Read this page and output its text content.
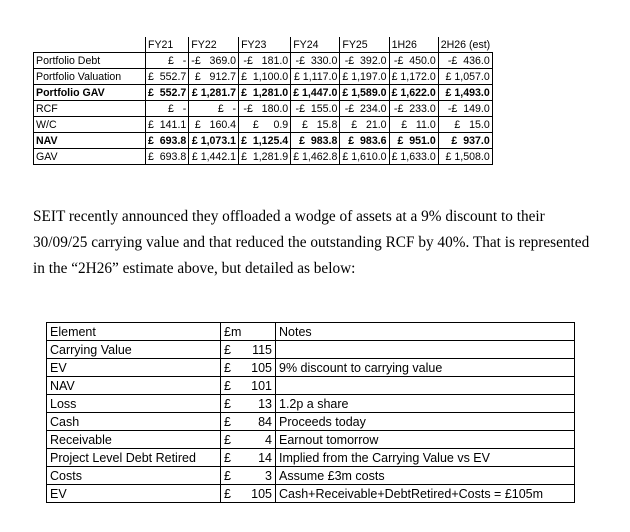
	FY21	FY22	FY23	FY24	FY25	1H26	2H26 (est)
Portfolio Debt	£   -	-£   369.0	-£   181.0	-£  330.0	-£  392.0	-£  450.0	-£  436.0
Portfolio Valuation	£  552.7	£   912.7	£  1,100.0	£ 1,117.0	£ 1,197.0	£ 1,172.0	£ 1,057.0
Portfolio GAV	£  552.7	£ 1,281.7	£  1,281.0	£ 1,447.0	£ 1,589.0	£ 1,622.0	£ 1,493.0
RCF	£   -	£   -	-£   180.0	-£  155.0	-£  234.0	-£  233.0	-£  149.0
W/C	£  141.1	£   160.4	£     0.9	£   15.8	£   21.0	£   11.0	£   15.0
NAV	£  693.8	£ 1,073.1	£  1,125.4	£  983.8	£  983.6	£  951.0	£  937.0
GAV	£  693.8	£ 1,442.1	£  1,281.9	£ 1,462.8	£ 1,610.0	£ 1,633.0	£ 1,508.0

SEIT recently announced they offloaded a wodge of assets at a 9% discount to their 30/09/25 carrying value and that reduced the outstanding RCF by 40%. That is represented in the “2H26” estimate above, but detailed as below:

Element	£m		Notes
Carrying Value	£	115	
EV	£	105	9% discount to carrying value
NAV	£	101	
Loss	£	13	1.2p a share
Cash	£	84	Proceeds today
Receivable	£	4	Earnout tomorrow
Project Level Debt Retired	£	14	Implied from the Carrying Value vs EV
Costs	£	3	Assume £3m costs
EV	£	105	Cash+Receivable+DebtRetired+Costs = £105m
